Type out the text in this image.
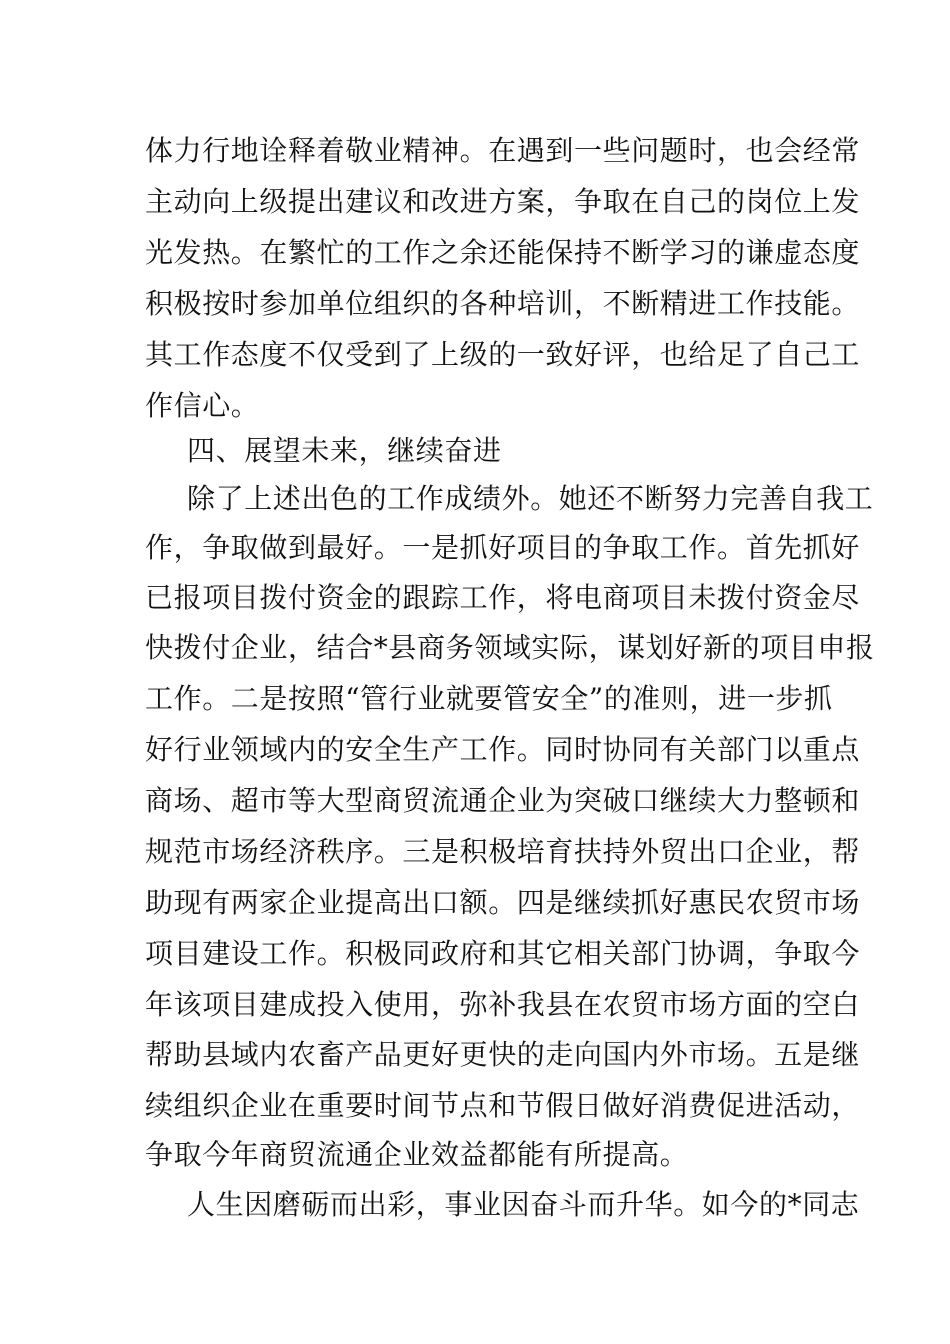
体力行地诠释着敬业精神。在遇到一些问题时，也会经常
主动向上级提出建议和改进方案，争取在自己的岗位上发
光发热。在繁忙的工作之余还能保持不断学习的谦虚态度
积极按时参加单位组织的各种培训，不断精进工作技能。
其工作态度不仅受到了上级的一致好评，也给足了自己工
作信心。
四、展望未来，继续奋进
除了上述出色的工作成绩外。她还不断努力完善自我工
作，争取做到最好。一是抓好项目的争取工作。首先抓好
已报项目拨付资金的跟踪工作，将电商项目未拨付资金尽
快拨付企业，结合*县商务领域实际，谋划好新的项目申报
工作。二是按照“管行业就要管安全”的准则，进一步抓
好行业领域内的安全生产工作。同时协同有关部门以重点
商场、超市等大型商贸流通企业为突破口继续大力整顿和
规范市场经济秩序。三是积极培育扶持外贸出口企业，帮
助现有两家企业提高出口额。四是继续抓好惠民农贸市场
项目建设工作。积极同政府和其它相关部门协调，争取今
年该项目建成投入使用，弥补我县在农贸市场方面的空白
帮助县域内农畜产品更好更快的走向国内外市场。五是继
续组织企业在重要时间节点和节假日做好消费促进活动，
争取今年商贸流通企业效益都能有所提高。
人生因磨砺而出彩，事业因奋斗而升华。如今的*同志
